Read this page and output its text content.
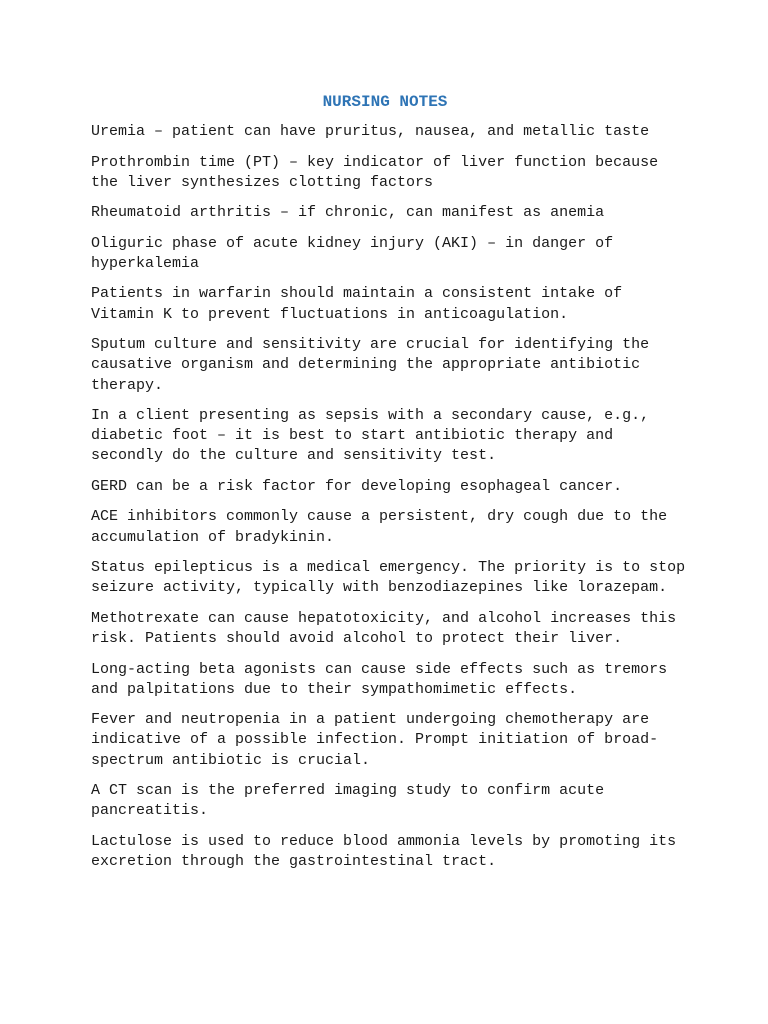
NURSING NOTES

Uremia – patient can have pruritus, nausea, and metallic taste

Prothrombin time (PT) – key indicator of liver function because the liver synthesizes clotting factors

Rheumatoid arthritis – if chronic, can manifest as anemia

Oliguric phase of acute kidney injury (AKI) – in danger of hyperkalemia

Patients in warfarin should maintain a consistent intake of Vitamin K to prevent fluctuations in anticoagulation.

Sputum culture and sensitivity are crucial for identifying the causative organism and determining the appropriate antibiotic therapy.

In a client presenting as sepsis with a secondary cause, e.g., diabetic foot – it is best to start antibiotic therapy and secondly do the culture and sensitivity test.

GERD can be a risk factor for developing esophageal cancer.

ACE inhibitors commonly cause a persistent, dry cough due to the accumulation of bradykinin.

Status epilepticus is a medical emergency. The priority is to stop seizure activity, typically with benzodiazepines like lorazepam.

Methotrexate can cause hepatotoxicity, and alcohol increases this risk. Patients should avoid alcohol to protect their liver.

Long-acting beta agonists can cause side effects such as tremors and palpitations due to their sympathomimetic effects.

Fever and neutropenia in a patient undergoing chemotherapy are indicative of a possible infection. Prompt initiation of broad-spectrum antibiotic is crucial.

A CT scan is the preferred imaging study to confirm acute pancreatitis.

Lactulose is used to reduce blood ammonia levels by promoting its excretion through the gastrointestinal tract.
